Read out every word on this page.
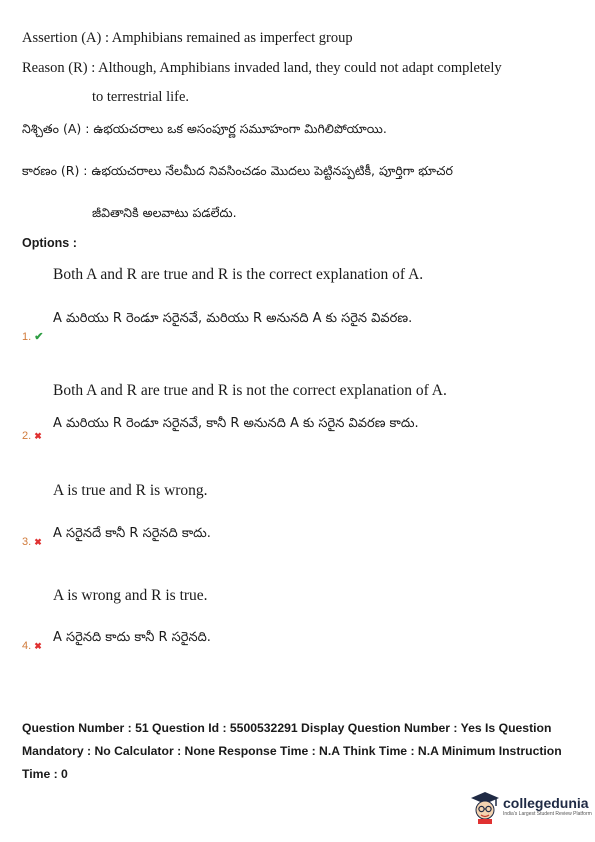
Assertion (A) : Amphibians remained as imperfect group
Reason (R) : Although, Amphibians invaded land, they could not adapt completely
to terrestrial life.
నిశ్చితం (A) : ఉభయచరాలు ఒక అసంపూర్ణ సమూహంగా మిగిలిపోయాయి.
కారణం (R) : ఉభయచరాలు నేలమీద నివసించడం మొదలు పెట్టినప్పటికీ, పూర్తిగా భూచర
జీవితానికి అలవాటు పడలేదు.
Options :
Both A and R are true and R is the correct explanation of A.
A మరియు R రెండూ సరైనవే, మరియు R అనునది A కు సరైన వివరణ.
1. ✔
Both A and R are true and R is not the correct explanation of A.
A మరియు R రెండూ సరైనవే, కానీ R అనునది A కు సరైన వివరణ కాదు.
2. ✖
A is true and R is wrong.
A సరైనదే కానీ R సరైనది కాదు.
3. ✖
A is wrong and R is true.
A సరైనది కాదు కానీ R సరైనది.
4. ✖
Question Number : 51 Question Id : 5500532291 Display Question Number : Yes Is Question
Mandatory : No Calculator : None Response Time : N.A Think Time : N.A Minimum Instruction
Time : 0
collegedunia
India's Largest Student Review Platform
